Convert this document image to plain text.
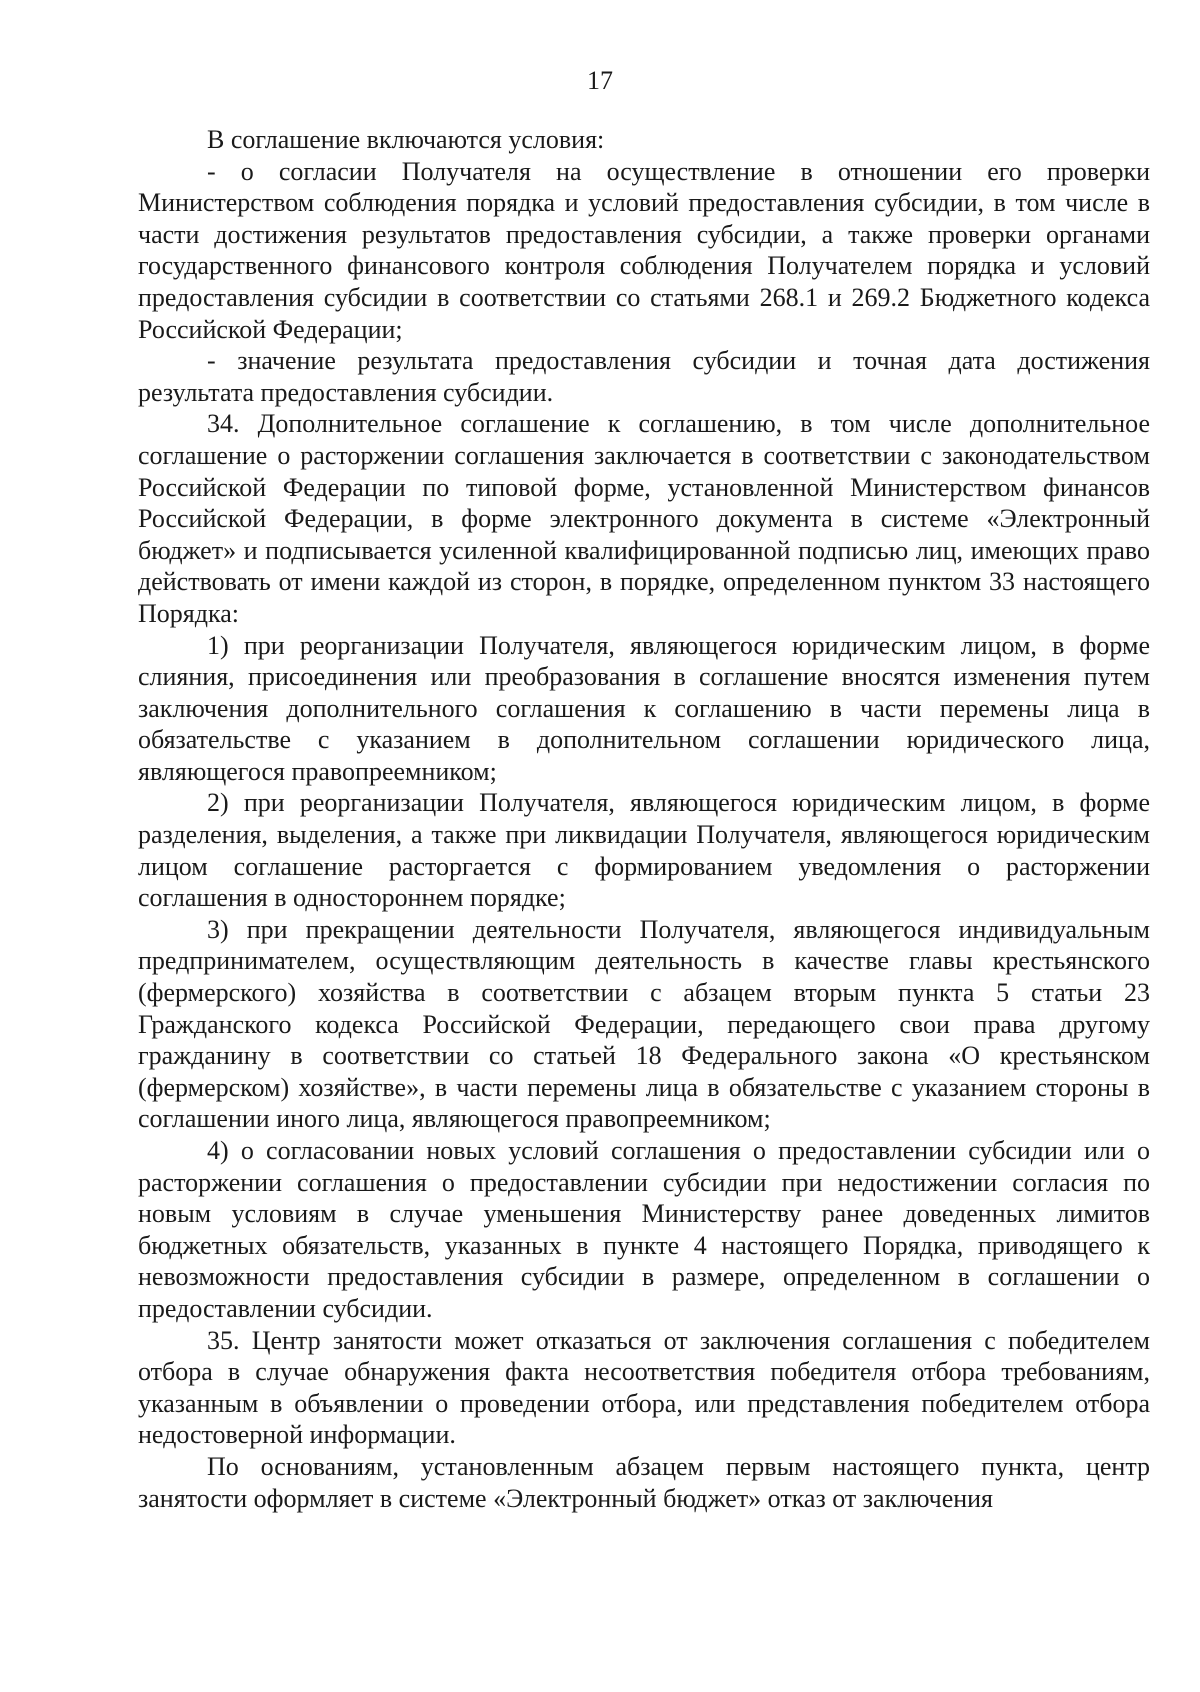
17

В соглашение включаются условия:

- о согласии Получателя на осуществление в отношении его проверки Министерством соблюдения порядка и условий предоставления субсидии, в том числе в части достижения результатов предоставления субсидии, а также проверки органами государственного финансового контроля соблюдения Получателем порядка и условий предоставления субсидии в соответствии со статьями 268.1 и 269.2 Бюджетного кодекса Российской Федерации;

- значение результата предоставления субсидии и точная дата достижения результата предоставления субсидии.

34. Дополнительное соглашение к соглашению, в том числе дополнительное соглашение о расторжении соглашения заключается в соответствии с законодательством Российской Федерации по типовой форме, установленной Министерством финансов Российской Федерации, в форме электронного документа в системе «Электронный бюджет» и подписывается усиленной квалифицированной подписью лиц, имеющих право действовать от имени каждой из сторон, в порядке, определенном пунктом 33 настоящего Порядка:

1) при реорганизации Получателя, являющегося юридическим лицом, в форме слияния, присоединения или преобразования в соглашение вносятся изменения путем заключения дополнительного соглашения к соглашению в части перемены лица в обязательстве с указанием в дополнительном соглашении юридического лица, являющегося правопреемником;

2) при реорганизации Получателя, являющегося юридическим лицом, в форме разделения, выделения, а также при ликвидации Получателя, являющегося юридическим лицом соглашение расторгается с формированием уведомления о расторжении соглашения в одностороннем порядке;

3) при прекращении деятельности Получателя, являющегося индивидуальным предпринимателем, осуществляющим деятельность в качестве главы крестьянского (фермерского) хозяйства в соответствии с абзацем вторым пункта 5 статьи 23 Гражданского кодекса Российской Федерации, передающего свои права другому гражданину в соответствии со статьей 18 Федерального закона «О крестьянском (фермерском) хозяйстве», в части перемены лица в обязательстве с указанием стороны в соглашении иного лица, являющегося правопреемником;

4) о согласовании новых условий соглашения о предоставлении субсидии или о расторжении соглашения о предоставлении субсидии при недостижении согласия по новым условиям в случае уменьшения Министерству ранее доведенных лимитов бюджетных обязательств, указанных в пункте 4 настоящего Порядка, приводящего к невозможности предоставления субсидии в размере, определенном в соглашении о предоставлении субсидии.

35. Центр занятости может отказаться от заключения соглашения с победителем отбора в случае обнаружения факта несоответствия победителя отбора требованиям, указанным в объявлении о проведении отбора, или представления победителем отбора недостоверной информации.

По основаниям, установленным абзацем первым настоящего пункта, центр занятости оформляет в системе «Электронный бюджет» отказ от заключения
